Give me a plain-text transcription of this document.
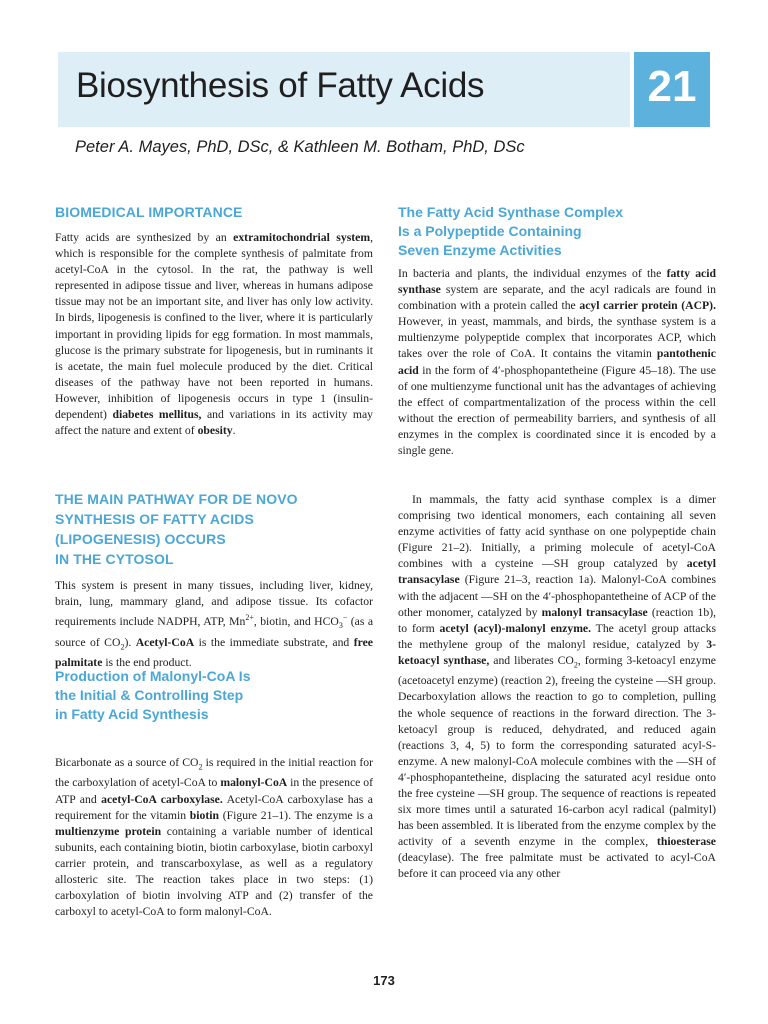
Biosynthesis of Fatty Acids	21
Peter A. Mayes, PhD, DSc, & Kathleen M. Botham, PhD, DSc
BIOMEDICAL IMPORTANCE
Fatty acids are synthesized by an extramitochondrial system, which is responsible for the complete synthesis of palmitate from acetyl-CoA in the cytosol. In the rat, the pathway is well represented in adipose tissue and liver, whereas in humans adipose tissue may not be an important site, and liver has only low activity. In birds, lipogenesis is confined to the liver, where it is particularly important in providing lipids for egg formation. In most mammals, glucose is the primary substrate for lipogenesis, but in ruminants it is acetate, the main fuel molecule produced by the diet. Critical diseases of the pathway have not been reported in humans. However, inhibition of lipogenesis occurs in type 1 (insulin-dependent) diabetes mellitus, and variations in its activity may affect the nature and extent of obesity.
THE MAIN PATHWAY FOR DE NOVO
SYNTHESIS OF FATTY ACIDS
(LIPOGENESIS) OCCURS
IN THE CYTOSOL
This system is present in many tissues, including liver, kidney, brain, lung, mammary gland, and adipose tissue. Its cofactor requirements include NADPH, ATP, $Mn^{2+}$, biotin, and $HCO_3^-$ (as a source of $CO_2$). Acetyl-CoA is the immediate substrate, and free palmitate is the end product.
Production of Malonyl-CoA Is
the Initial & Controlling Step
in Fatty Acid Synthesis
Bicarbonate as a source of $CO_2$ is required in the initial reaction for the carboxylation of acetyl-CoA to malonyl-CoA in the presence of ATP and acetyl-CoA carboxylase. Acetyl-CoA carboxylase has a requirement for the vitamin biotin (Figure 21–1). The enzyme is a multienzyme protein containing a variable number of identical subunits, each containing biotin, biotin carboxylase, biotin carboxyl carrier protein, and transcarboxylase, as well as a regulatory allosteric site. The reaction takes place in two steps: (1) carboxylation of biotin involving ATP and (2) transfer of the carboxyl to acetyl-CoA to form malonyl-CoA.
The Fatty Acid Synthase Complex
Is a Polypeptide Containing
Seven Enzyme Activities
In bacteria and plants, the individual enzymes of the fatty acid synthase system are separate, and the acyl radicals are found in combination with a protein called the acyl carrier protein (ACP). However, in yeast, mammals, and birds, the synthase system is a multienzyme polypeptide complex that incorporates ACP, which takes over the role of CoA. It contains the vitamin pantothenic acid in the form of 4′-phosphopantetheine (Figure 45–18). The use of one multienzyme functional unit has the advantages of achieving the effect of compartmentalization of the process within the cell without the erection of permeability barriers, and synthesis of all enzymes in the complex is coordinated since it is encoded by a single gene.
In mammals, the fatty acid synthase complex is a dimer comprising two identical monomers, each containing all seven enzyme activities of fatty acid synthase on one polypeptide chain (Figure 21–2). Initially, a priming molecule of acetyl-CoA combines with a cysteine —SH group catalyzed by acetyl transacylase (Figure 21–3, reaction 1a). Malonyl-CoA combines with the adjacent —SH on the 4′-phosphopantetheine of ACP of the other monomer, catalyzed by malonyl transacylase (reaction 1b), to form acetyl (acyl)-malonyl enzyme. The acetyl group attacks the methylene group of the malonyl residue, catalyzed by 3-ketoacyl synthase, and liberates $CO_2$, forming 3-ketoacyl enzyme (acetoacetyl enzyme) (reaction 2), freeing the cysteine —SH group. Decarboxylation allows the reaction to go to completion, pulling the whole sequence of reactions in the forward direction. The 3-ketoacyl group is reduced, dehydrated, and reduced again (reactions 3, 4, 5) to form the corresponding saturated acyl-S-enzyme. A new malonyl-CoA molecule combines with the —SH of 4′-phosphopantetheine, displacing the saturated acyl residue onto the free cysteine —SH group. The sequence of reactions is repeated six more times until a saturated 16-carbon acyl radical (palmityl) has been assembled. It is liberated from the enzyme complex by the activity of a seventh enzyme in the complex, thioesterase (deacylase). The free palmitate must be activated to acyl-CoA before it can proceed via any other
173
